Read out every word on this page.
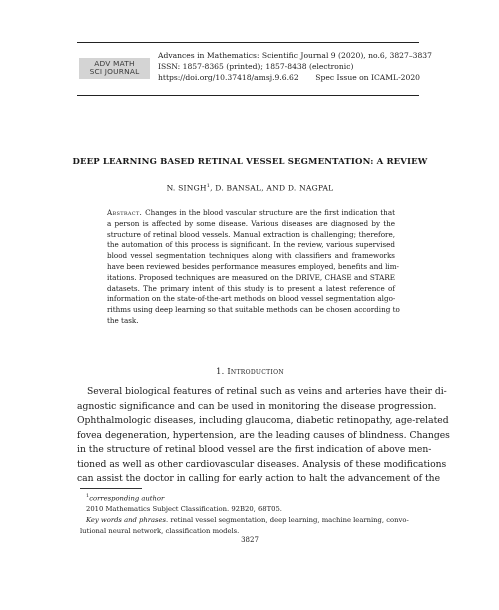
ADV MATH
SCI JOURNAL
Advances in Mathematics: Scientific Journal 9 (2020), no.6, 3827–3837
ISSN: 1857-8365 (printed); 1857-8438 (electronic)
https://doi.org/10.37418/amsj.9.6.62 Spec Issue on ICAML-2020
DEEP LEARNING BASED RETINAL VESSEL SEGMENTATION: A REVIEW
N. SINGH$^1$, D. BANSAL, AND D. NAGPAL
Abstract. Changes in the blood vascular structure are the first indication that
a person is affected by some disease. Various diseases are diagnosed by the
structure of retinal blood vessels. Manual extraction is challenging; therefore,
the automation of this process is significant. In the review, various supervised
blood vessel segmentation techniques along with classifiers and frameworks
have been reviewed besides performance measures employed, benefits and lim-
itations. Proposed techniques are measured on the DRIVE, CHASE and STARE
datasets. The primary intent of this study is to present a latest reference of
information on the state-of-the-art methods on blood vessel segmentation algo-
rithms using deep learning so that suitable methods can be chosen according to
the task.
1. Introduction
Several biological features of retinal such as veins and arteries have their di-
agnostic significance and can be used in monitoring the disease progression.
Ophthalmologic diseases, including glaucoma, diabetic retinopathy, age-related
fovea degeneration, hypertension, are the leading causes of blindness. Changes
in the structure of retinal blood vessel are the first indication of above men-
tioned as well as other cardiovascular diseases. Analysis of these modifications
can assist the doctor in calling for early action to halt the advancement of the
$^1$corresponding author
2010 Mathematics Subject Classification. 92B20, 68T05.
Key words and phrases. retinal vessel segmentation, deep learning, machine learning, convo-
lutional neural network, classification models.
3827
